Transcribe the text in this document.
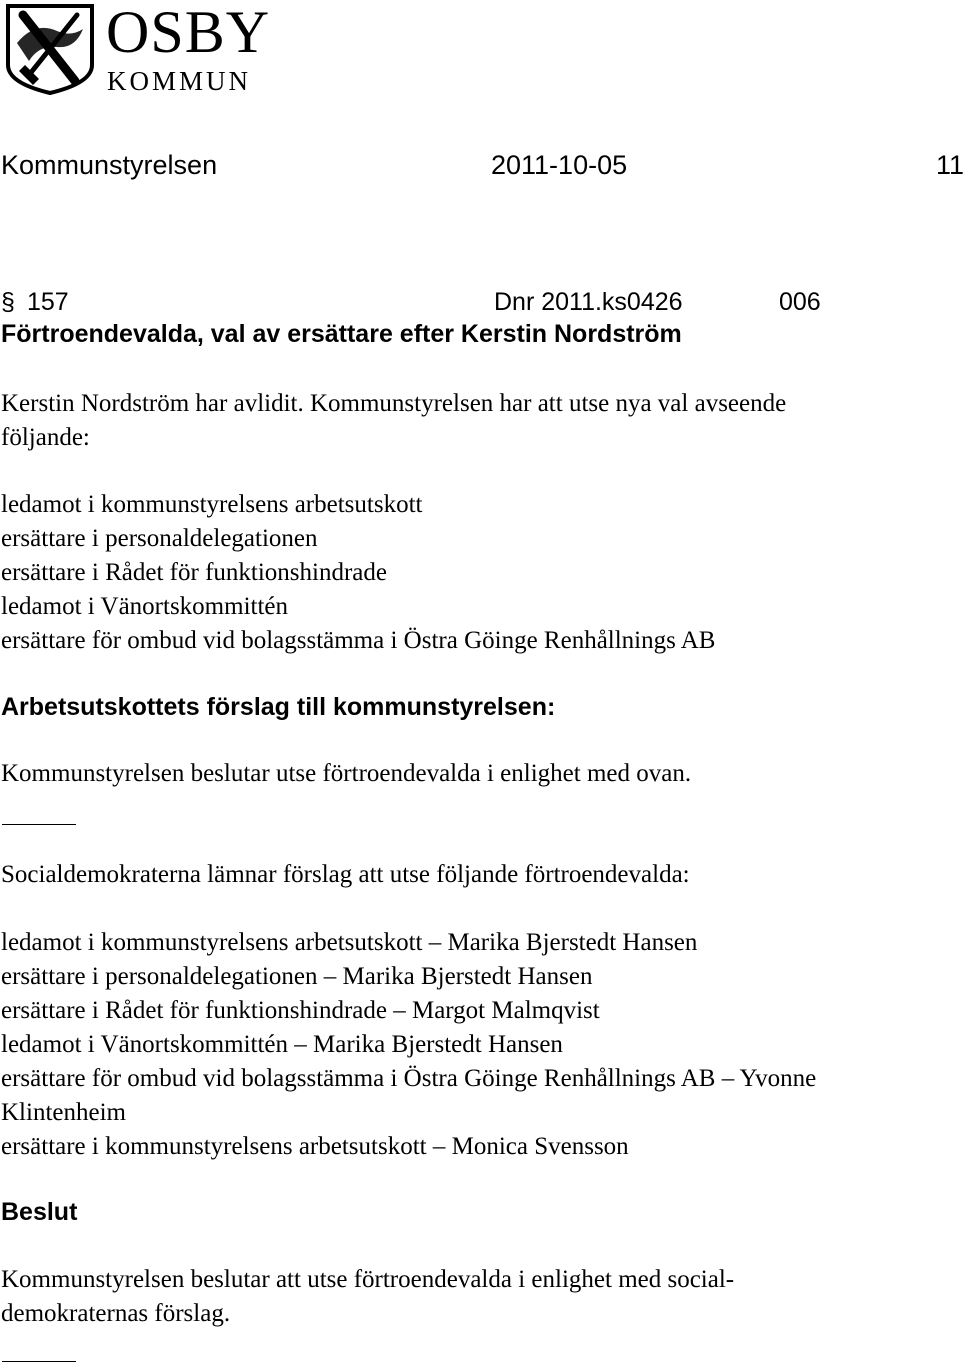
OSBY
KOMMUN
Kommunstyrelsen	2011-10-05	11
§ 157	Dnr 2011.ks0426	006
Förtroendevalda, val av ersättare efter Kerstin Nordström
Kerstin Nordström har avlidit. Kommunstyrelsen har att utse nya val avseende
följande:
ledamot i kommunstyrelsens arbetsutskott
ersättare i personaldelegationen
ersättare i Rådet för funktionshindrade
ledamot i Vänortskommittén
ersättare för ombud vid bolagsstämma i Östra Göinge Renhållnings AB
Arbetsutskottets förslag till kommunstyrelsen:
Kommunstyrelsen beslutar utse förtroendevalda i enlighet med ovan.
Socialdemokraterna lämnar förslag att utse följande förtroendevalda:
ledamot i kommunstyrelsens arbetsutskott – Marika Bjerstedt Hansen
ersättare i personaldelegationen – Marika Bjerstedt Hansen
ersättare i Rådet för funktionshindrade – Margot Malmqvist
ledamot i Vänortskommittén – Marika Bjerstedt Hansen
ersättare för ombud vid bolagsstämma i Östra Göinge Renhållnings AB – Yvonne
Klintenheim
ersättare i kommunstyrelsens arbetsutskott – Monica Svensson
Beslut
Kommunstyrelsen beslutar att utse förtroendevalda i enlighet med social-
demokraternas förslag.
